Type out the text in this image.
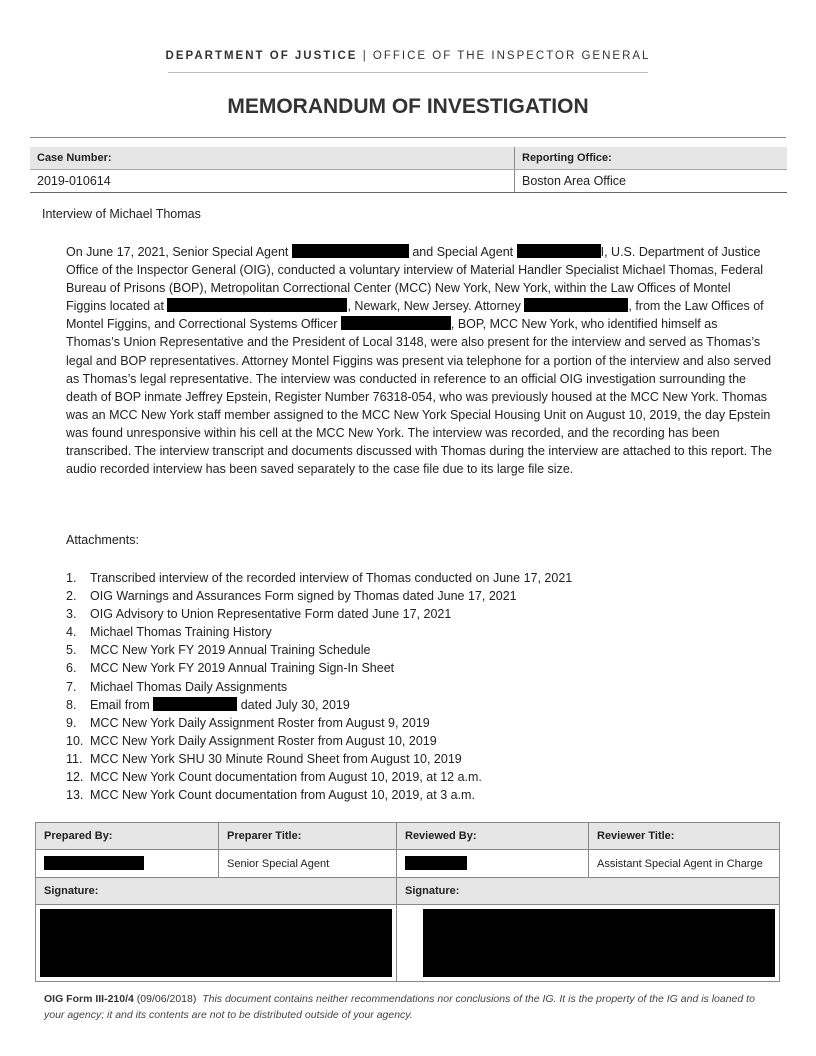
DEPARTMENT OF JUSTICE | OFFICE OF THE INSPECTOR GENERAL
MEMORANDUM OF INVESTIGATION
Case Number:	Reporting Office:
2019-010614	Boston Area Office
Interview of Michael Thomas

On June 17, 2021, Senior Special Agent	and Special Agent	I, U.S. Department of Justice Office of the Inspector General (OIG), conducted a voluntary interview of Material Handler Specialist Michael Thomas, Federal Bureau of Prisons (BOP), Metropolitan Correctional Center (MCC) New York, New York, within the Law Offices of Montel Figgins located at	, Newark, New Jersey. Attorney	, from the Law Offices of Montel Figgins, and Correctional Systems Officer	, BOP, MCC New York, who identified himself as Thomas’s Union Representative and the President of Local 3148, were also present for the interview and served as Thomas’s legal and BOP representatives. Attorney Montel Figgins was present via telephone for a portion of the interview and also served as Thomas’s legal representative. The interview was conducted in reference to an official OIG investigation surrounding the death of BOP inmate Jeffrey Epstein, Register Number 76318-054, who was previously housed at the MCC New York. Thomas was an MCC New York staff member assigned to the MCC New York Special Housing Unit on August 10, 2019, the day Epstein was found unresponsive within his cell at the MCC New York. The interview was recorded, and the recording has been transcribed. The interview transcript and documents discussed with Thomas during the interview are attached to this report. The audio recorded interview has been saved separately to the case file due to its large file size.

Attachments:
1.	Transcribed interview of the recorded interview of Thomas conducted on June 17, 2021
2.	OIG Warnings and Assurances Form signed by Thomas dated June 17, 2021
3.	OIG Advisory to Union Representative Form dated June 17, 2021
4.	Michael Thomas Training History
5.	MCC New York FY 2019 Annual Training Schedule
6.	MCC New York FY 2019 Annual Training Sign-In Sheet
7.	Michael Thomas Daily Assignments
8.	Email from	dated July 30, 2019
9.	MCC New York Daily Assignment Roster from August 9, 2019
10. MCC New York Daily Assignment Roster from August 10, 2019
11. MCC New York SHU 30 Minute Round Sheet from August 10, 2019
12. MCC New York Count documentation from August 10, 2019, at 12 a.m.
13. MCC New York Count documentation from August 10, 2019, at 3 a.m.
Prepared By:	Preparer Title:	Reviewed By:	Reviewer Title:
	Senior Special Agent		Assistant Special Agent in Charge
Signature:		Signature:	

OIG Form III-210/4 (09/06/2018) This document contains neither recommendations nor conclusions of the IG. It is the property of the IG and is loaned to your agency; it and its contents are not to be distributed outside of your agency.
